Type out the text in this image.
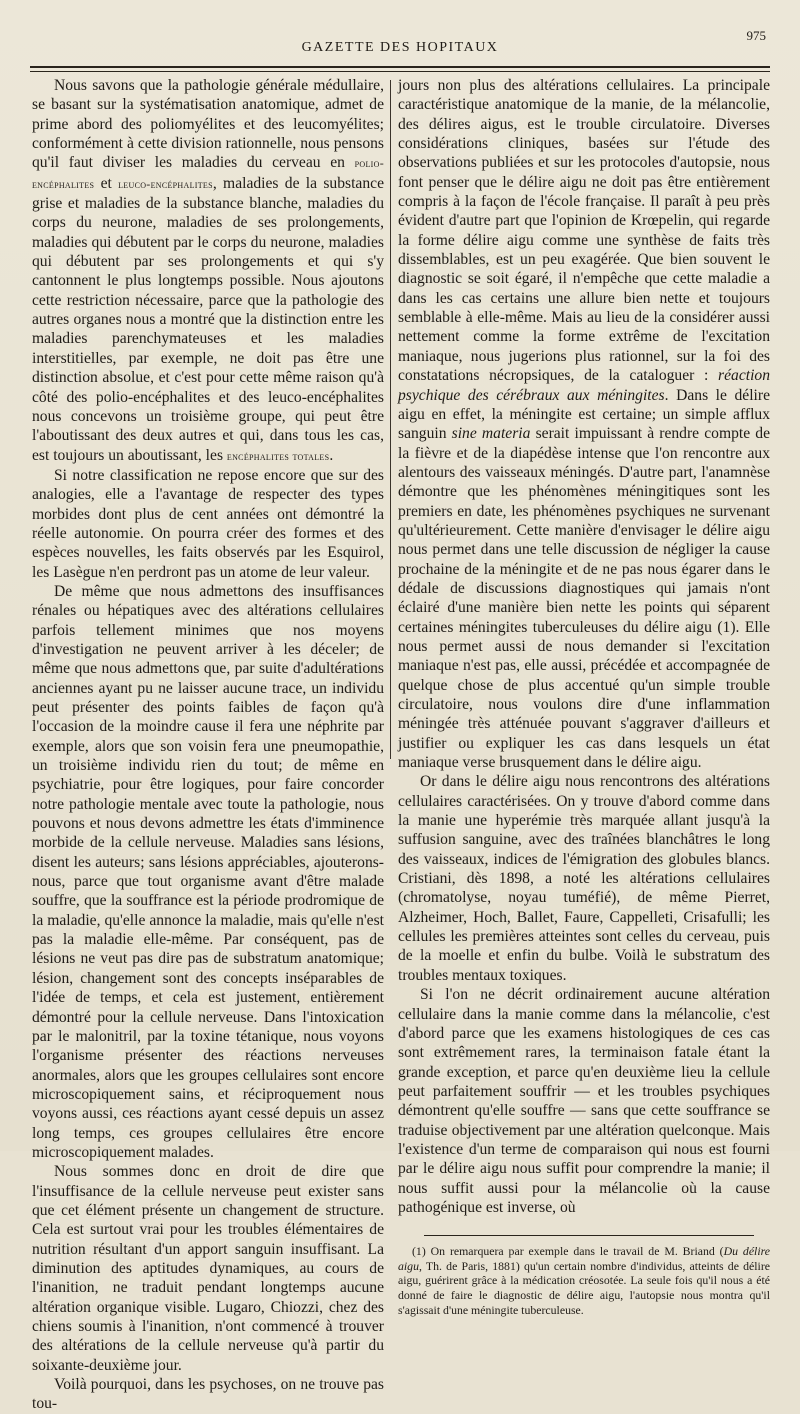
GAZETTE DES HOPITAUX
975

Nous savons que la pathologie générale médullaire, se basant sur la systématisation anatomique, admet de prime abord des poliomyélites et des leucomyélites; conformément à cette division rationnelle, nous pensons qu'il faut diviser les maladies du cerveau en polio-encéphalites et leuco-encéphalites, maladies de la substance grise et maladies de la substance blanche, maladies du corps du neurone, maladies de ses prolongements, maladies qui débutent par le corps du neurone, maladies qui débutent par ses prolongements et qui s'y cantonnent le plus longtemps possible. Nous ajoutons cette restriction nécessaire, parce que la pathologie des autres organes nous a montré que la distinction entre les maladies parenchymateuses et les maladies interstitielles, par exemple, ne doit pas être une distinction absolue, et c'est pour cette même raison qu'à côté des polio-encéphalites et des leuco-encéphalites nous concevons un troisième groupe, qui peut être l'aboutissant des deux autres et qui, dans tous les cas, est toujours un aboutissant, les encéphalites totales.

Si notre classification ne repose encore que sur des analogies, elle a l'avantage de respecter des types morbides dont plus de cent années ont démontré la réelle autonomie. On pourra créer des formes et des espèces nouvelles, les faits observés par les Esquirol, les Lasègue n'en perdront pas un atome de leur valeur.

De même que nous admettons des insuffisances rénales ou hépatiques avec des altérations cellulaires parfois tellement minimes que nos moyens d'investigation ne peuvent arriver à les déceler; de même que nous admettons que, par suite d'adultérations anciennes ayant pu ne laisser aucune trace, un individu peut présenter des points faibles de façon qu'à l'occasion de la moindre cause il fera une néphrite par exemple, alors que son voisin fera une pneumopathie, un troisième individu rien du tout; de même en psychiatrie, pour être logiques, pour faire concorder notre pathologie mentale avec toute la pathologie, nous pouvons et nous devons admettre les états d'imminence morbide de la cellule nerveuse. Maladies sans lésions, disent les auteurs; sans lésions appréciables, ajouterons-nous, parce que tout organisme avant d'être malade souffre, que la souffrance est la période prodromique de la maladie, qu'elle annonce la maladie, mais qu'elle n'est pas la maladie elle-même. Par conséquent, pas de lésions ne veut pas dire pas de substratum anatomique; lésion, changement sont des concepts inséparables de l'idée de temps, et cela est justement, entièrement démontré pour la cellule nerveuse. Dans l'intoxication par le malonitril, par la toxine tétanique, nous voyons l'organisme présenter des réactions nerveuses anormales, alors que les groupes cellulaires sont encore microscopiquement sains, et réciproquement nous voyons aussi, ces réactions ayant cessé depuis un assez long temps, ces groupes cellulaires être encore microscopiquement malades.

Nous sommes donc en droit de dire que l'insuffisance de la cellule nerveuse peut exister sans que cet élément présente un changement de structure. Cela est surtout vrai pour les troubles élémentaires de nutrition résultant d'un apport sanguin insuffisant. La diminution des aptitudes dynamiques, au cours de l'inanition, ne traduit pendant longtemps aucune altération organique visible. Lugaro, Chiozzi, chez des chiens soumis à l'inanition, n'ont commencé à trouver des altérations de la cellule nerveuse qu'à partir du soixante-deuxième jour.

Voilà pourquoi, dans les psychoses, on ne trouve pas tou-

jours non plus des altérations cellulaires. La principale caractéristique anatomique de la manie, de la mélancolie, des délires aigus, est le trouble circulatoire. Diverses considérations cliniques, basées sur l'étude des observations publiées et sur les protocoles d'autopsie, nous font penser que le délire aigu ne doit pas être entièrement compris à la façon de l'école française. Il paraît à peu près évident d'autre part que l'opinion de Krœpelin, qui regarde la forme délire aigu comme une synthèse de faits très dissemblables, est un peu exagérée. Que bien souvent le diagnostic se soit égaré, il n'empêche que cette maladie a dans les cas certains une allure bien nette et toujours semblable à elle-même. Mais au lieu de la considérer aussi nettement comme la forme extrême de l'excitation maniaque, nous jugerions plus rationnel, sur la foi des constatations nécropsiques, de la cataloguer : réaction psychique des cérébraux aux méningites. Dans le délire aigu en effet, la méningite est certaine; un simple afflux sanguin sine materia serait impuissant à rendre compte de la fièvre et de la diapédèse intense que l'on rencontre aux alentours des vaisseaux méningés. D'autre part, l'anamnèse démontre que les phénomènes méningitiques sont les premiers en date, les phénomènes psychiques ne survenant qu'ultérieurement. Cette manière d'envisager le délire aigu nous permet dans une telle discussion de négliger la cause prochaine de la méningite et de ne pas nous égarer dans le dédale de discussions diagnostiques qui jamais n'ont éclairé d'une manière bien nette les points qui séparent certaines méningites tuberculeuses du délire aigu (1). Elle nous permet aussi de nous demander si l'excitation maniaque n'est pas, elle aussi, précédée et accompagnée de quelque chose de plus accentué qu'un simple trouble circulatoire, nous voulons dire d'une inflammation méningée très atténuée pouvant s'aggraver d'ailleurs et justifier ou expliquer les cas dans lesquels un état maniaque verse brusquement dans le délire aigu.

Or dans le délire aigu nous rencontrons des altérations cellulaires caractérisées. On y trouve d'abord comme dans la manie une hyperémie très marquée allant jusqu'à la suffusion sanguine, avec des traînées blanchâtres le long des vaisseaux, indices de l'émigration des globules blancs. Cristiani, dès 1898, a noté les altérations cellulaires (chromatolyse, noyau tuméfié), de même Pierret, Alzheimer, Hoch, Ballet, Faure, Cappelleti, Crisafulli; les cellules les premières atteintes sont celles du cerveau, puis de la moelle et enfin du bulbe. Voilà le substratum des troubles mentaux toxiques.

Si l'on ne décrit ordinairement aucune altération cellulaire dans la manie comme dans la mélancolie, c'est d'abord parce que les examens histologiques de ces cas sont extrêmement rares, la terminaison fatale étant la grande exception, et parce qu'en deuxième lieu la cellule peut parfaitement souffrir — et les troubles psychiques démontrent qu'elle souffre — sans que cette souffrance se traduise objectivement par une altération quelconque. Mais l'existence d'un terme de comparaison qui nous est fourni par le délire aigu nous suffit pour comprendre la manie; il nous suffit aussi pour la mélancolie où la cause pathogénique est inverse, où

(1) On remarquera par exemple dans le travail de M. Briand (Du délire aigu, Th. de Paris, 1881) qu'un certain nombre d'individus, atteints de délire aigu, guérirent grâce à la médication créosotée. La seule fois qu'il nous a été donné de faire le diagnostic de délire aigu, l'autopsie nous montra qu'il s'agissait d'une méningite tuberculeuse.
